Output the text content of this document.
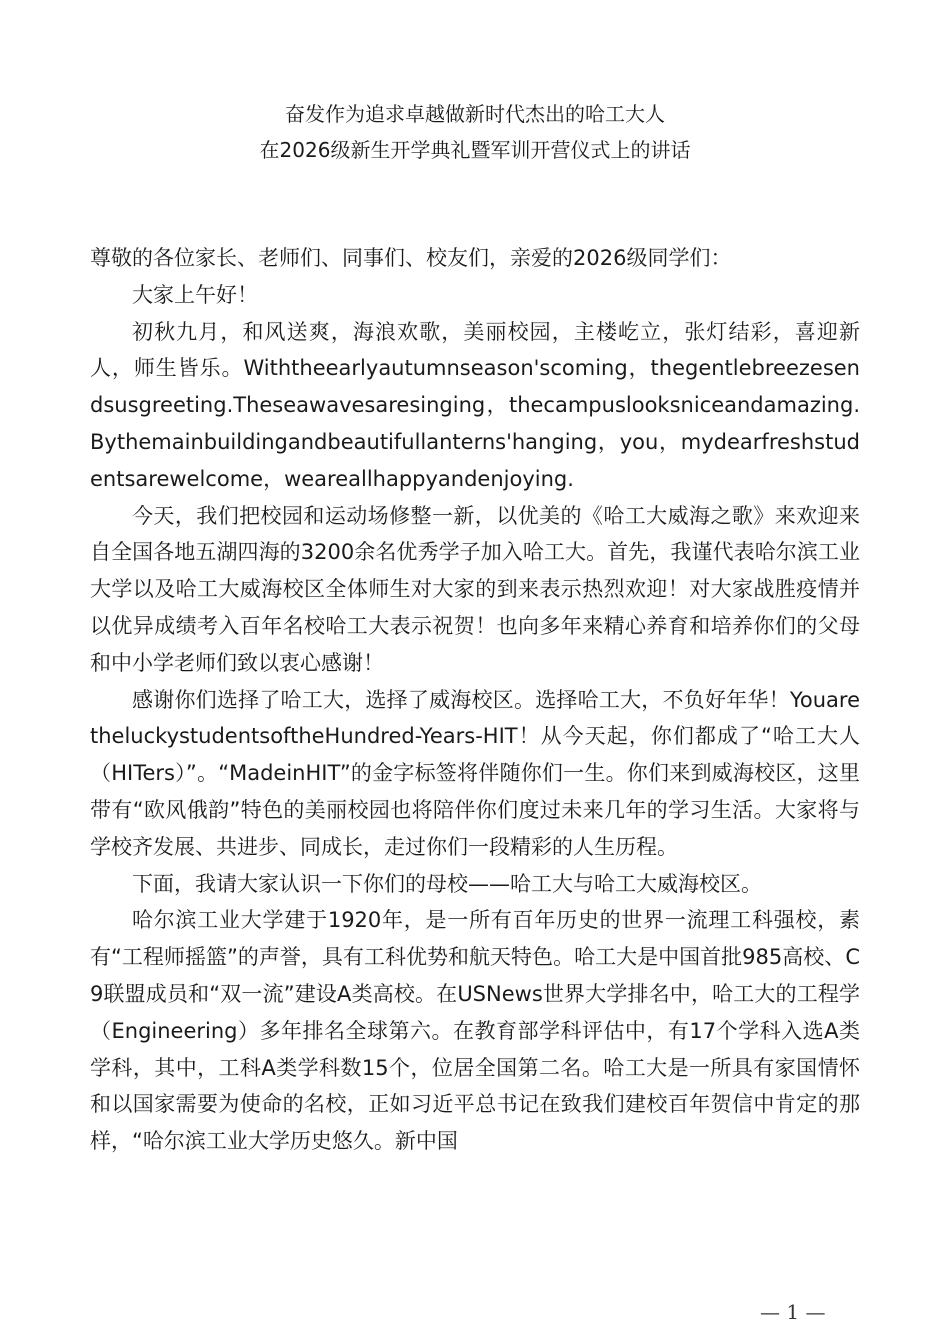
奋发作为追求卓越做新时代杰出的哈工大人
在2026级新生开学典礼暨军训开营仪式上的讲话

尊敬的各位家长、老师们、同事们、校友们，亲爱的2026级同学们：

大家上午好！

初秋九月，和风送爽，海浪欢歌，美丽校园，主楼屹立，张灯结彩，喜迎新人，师生皆乐。Withtheearlyautumnseason'scoming，thegentlebreezesendsusgreeting.Theseawavesaresinging，thecampuslooksniceandamazing.Bythemainbuildingandbeautifullanterns'hanging，you，mydearfreshstudentsarewelcome，weareallhappyandenjoying.

今天，我们把校园和运动场修整一新，以优美的《哈工大威海之歌》来欢迎来自全国各地五湖四海的3200余名优秀学子加入哈工大。首先，我谨代表哈尔滨工业大学以及哈工大威海校区全体师生对大家的到来表示热烈欢迎！对大家战胜疫情并以优异成绩考入百年名校哈工大表示祝贺！也向多年来精心养育和培养你们的父母和中小学老师们致以衷心感谢！

感谢你们选择了哈工大，选择了威海校区。选择哈工大，不负好年华！YouaretheluckystudentsoftheHundred-Years-HIT！从今天起，你们都成了“哈工大人（HITers）”。“MadeinHIT”的金字标签将伴随你们一生。你们来到威海校区，这里带有“欧风俄韵”特色的美丽校园也将陪伴你们度过未来几年的学习生活。大家将与学校齐发展、共进步、同成长，走过你们一段精彩的人生历程。

下面，我请大家认识一下你们的母校——哈工大与哈工大威海校区。

哈尔滨工业大学建于1920年，是一所有百年历史的世界一流理工科强校，素有“工程师摇篮”的声誉，具有工科优势和航天特色。哈工大是中国首批985高校、C9联盟成员和“双一流”建设A类高校。在USNews世界大学排名中，哈工大的工程学（Engineering）多年排名全球第六。在教育部学科评估中，有17个学科入选A类学科，其中，工科A类学科数15个，位居全国第二名。哈工大是一所具有家国情怀和以国家需要为使命的名校，正如习近平总书记在致我们建校百年贺信中肯定的那样，“哈尔滨工业大学历史悠久。新中国

— 1 —
